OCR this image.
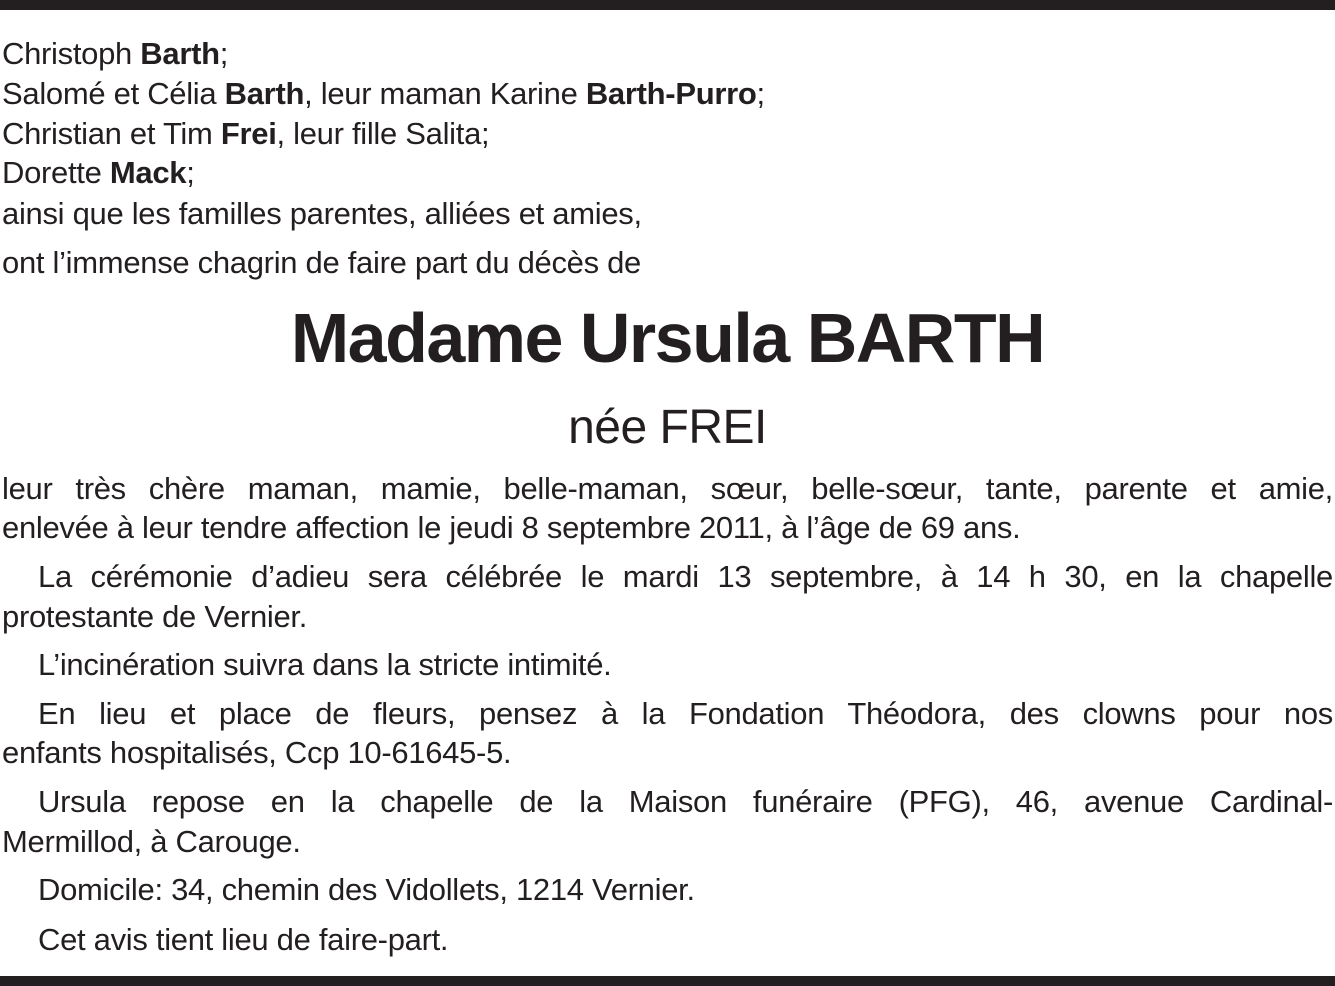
Christoph Barth;
Salomé et Célia Barth, leur maman Karine Barth-Purro;
Christian et Tim Frei, leur fille Salita;
Dorette Mack;
ainsi que les familles parentes, alliées et amies,
ont l’immense chagrin de faire part du décès de
Madame Ursula BARTH
née FREI
leur très chère maman, mamie, belle-maman, sœur, belle-sœur, tante, parente et amie,
enlevée à leur tendre affection le jeudi 8 septembre 2011, à l’âge de 69 ans.
La cérémonie d’adieu sera célébrée le mardi 13 septembre, à 14 h 30, en la chapelle
protestante de Vernier.
L’incinération suivra dans la stricte intimité.
En lieu et place de fleurs, pensez à la Fondation Théodora, des clowns pour nos
enfants hospitalisés, Ccp 10-61645-5.
Ursula repose en la chapelle de la Maison funéraire (PFG), 46, avenue Cardinal-
Mermillod, à Carouge.
Domicile: 34, chemin des Vidollets, 1214 Vernier.
Cet avis tient lieu de faire-part.
